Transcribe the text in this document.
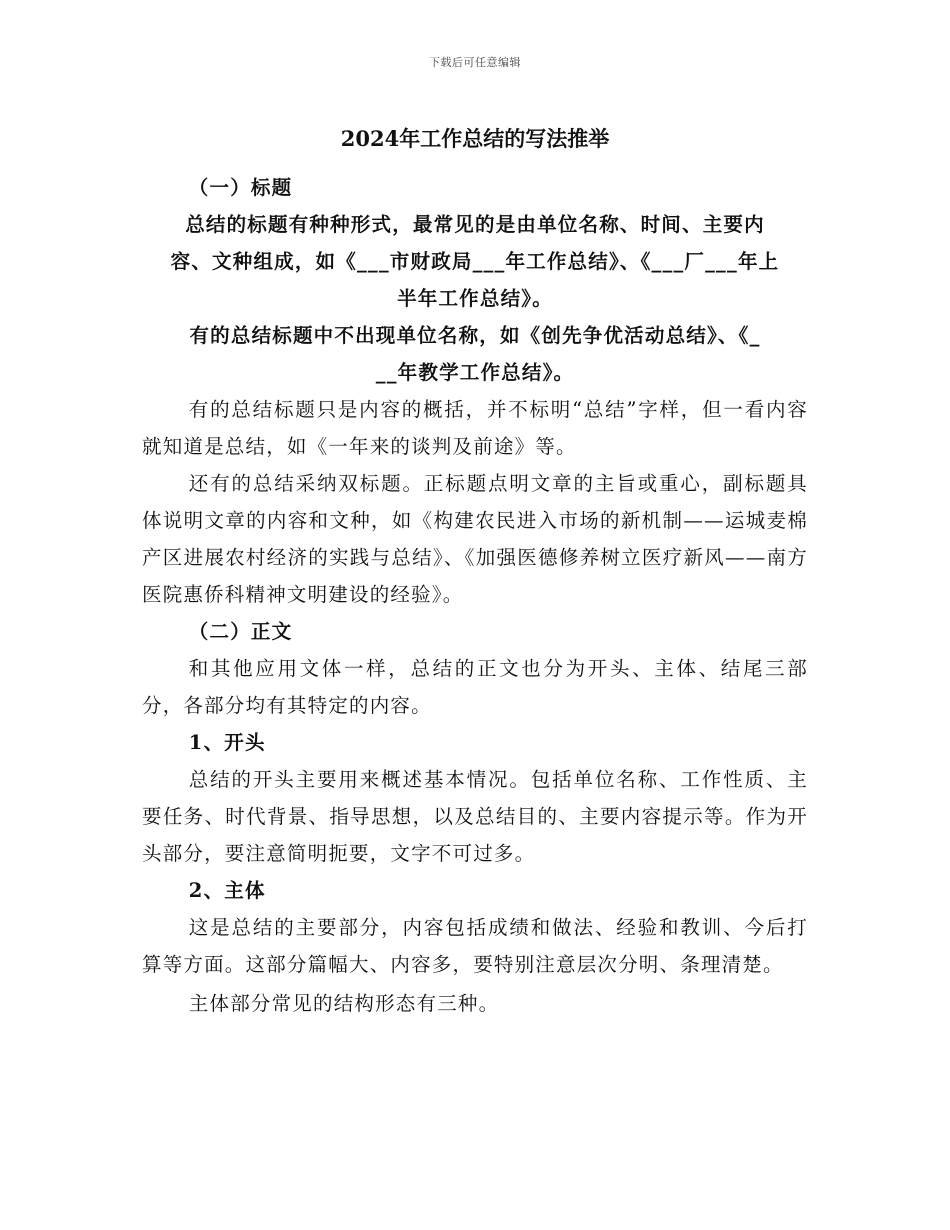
下载后可任意编辑
2024年工作总结的写法推举
（一）标题
总结的标题有种种形式，最常见的是由单位名称、时间、主要内
容、文种组成，如《___市财政局___年工作总结》、《___厂___年上
半年工作总结》。
有的总结标题中不出现单位名称，如《创先争优活动总结》、《_
__年教学工作总结》。

有的总结标题只是内容的概括，并不标明“总结”字样，但一看内容就知道是总结，如《一年来的谈判及前途》等。

还有的总结采纳双标题。正标题点明文章的主旨或重心，副标题具体说明文章的内容和文种，如《构建农民进入市场的新机制——运城麦棉产区进展农村经济的实践与总结》、《加强医德修养树立医疗新风——南方医院惠侨科精神文明建设的经验》。

（二）正文

和其他应用文体一样，总结的正文也分为开头、主体、结尾三部分，各部分均有其特定的内容。

1、开头

总结的开头主要用来概述基本情况。包括单位名称、工作性质、主要任务、时代背景、指导思想，以及总结目的、主要内容提示等。作为开头部分，要注意简明扼要，文字不可过多。

2、主体

这是总结的主要部分，内容包括成绩和做法、经验和教训、今后打算等方面。这部分篇幅大、内容多，要特别注意层次分明、条理清楚。

主体部分常见的结构形态有三种。
